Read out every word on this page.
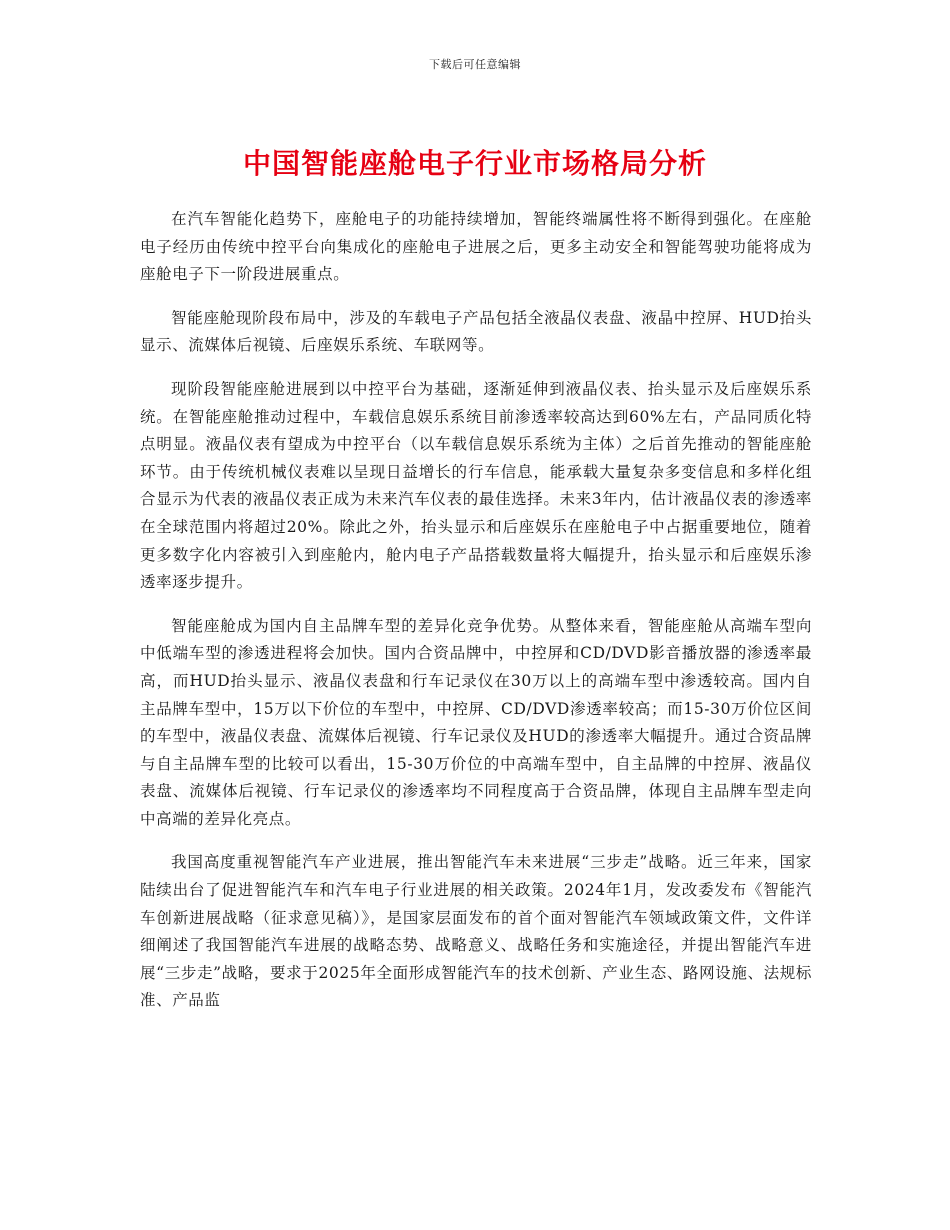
下载后可任意编辑
中国智能座舱电子行业市场格局分析

在汽车智能化趋势下，座舱电子的功能持续增加，智能终端属性将不断得到强化。在座舱电子经历由传统中控平台向集成化的座舱电子进展之后，更多主动安全和智能驾驶功能将成为座舱电子下一阶段进展重点。

智能座舱现阶段布局中，涉及的车载电子产品包括全液晶仪表盘、液晶中控屏、HUD抬头显示、流媒体后视镜、后座娱乐系统、车联网等。

现阶段智能座舱进展到以中控平台为基础，逐渐延伸到液晶仪表、抬头显示及后座娱乐系统。在智能座舱推动过程中，车载信息娱乐系统目前渗透率较高达到60%左右，产品同质化特点明显。液晶仪表有望成为中控平台（以车载信息娱乐系统为主体）之后首先推动的智能座舱环节。由于传统机械仪表难以呈现日益增长的行车信息，能承载大量复杂多变信息和多样化组合显示为代表的液晶仪表正成为未来汽车仪表的最佳选择。未来3年内，估计液晶仪表的渗透率在全球范围内将超过20%。除此之外，抬头显示和后座娱乐在座舱电子中占据重要地位，随着更多数字化内容被引入到座舱内，舱内电子产品搭载数量将大幅提升，抬头显示和后座娱乐渗透率逐步提升。

智能座舱成为国内自主品牌车型的差异化竞争优势。从整体来看，智能座舱从高端车型向中低端车型的渗透进程将会加快。国内合资品牌中，中控屏和CD/DVD影音播放器的渗透率最高，而HUD抬头显示、液晶仪表盘和行车记录仪在30万以上的高端车型中渗透较高。国内自主品牌车型中，15万以下价位的车型中，中控屏、CD/DVD渗透率较高；而15-30万价位区间的车型中，液晶仪表盘、流媒体后视镜、行车记录仪及HUD的渗透率大幅提升。通过合资品牌与自主品牌车型的比较可以看出，15-30万价位的中高端车型中，自主品牌的中控屏、液晶仪表盘、流媒体后视镜、行车记录仪的渗透率均不同程度高于合资品牌，体现自主品牌车型走向中高端的差异化亮点。

我国高度重视智能汽车产业进展，推出智能汽车未来进展“三步走”战略。近三年来，国家陆续出台了促进智能汽车和汽车电子行业进展的相关政策。2024年1月，发改委发布《智能汽车创新进展战略（征求意见稿）》，是国家层面发布的首个面对智能汽车领域政策文件，文件详细阐述了我国智能汽车进展的战略态势、战略意义、战略任务和实施途径，并提出智能汽车进展“三步走”战略，要求于2025年全面形成智能汽车的技术创新、产业生态、路网设施、法规标准、产品监
